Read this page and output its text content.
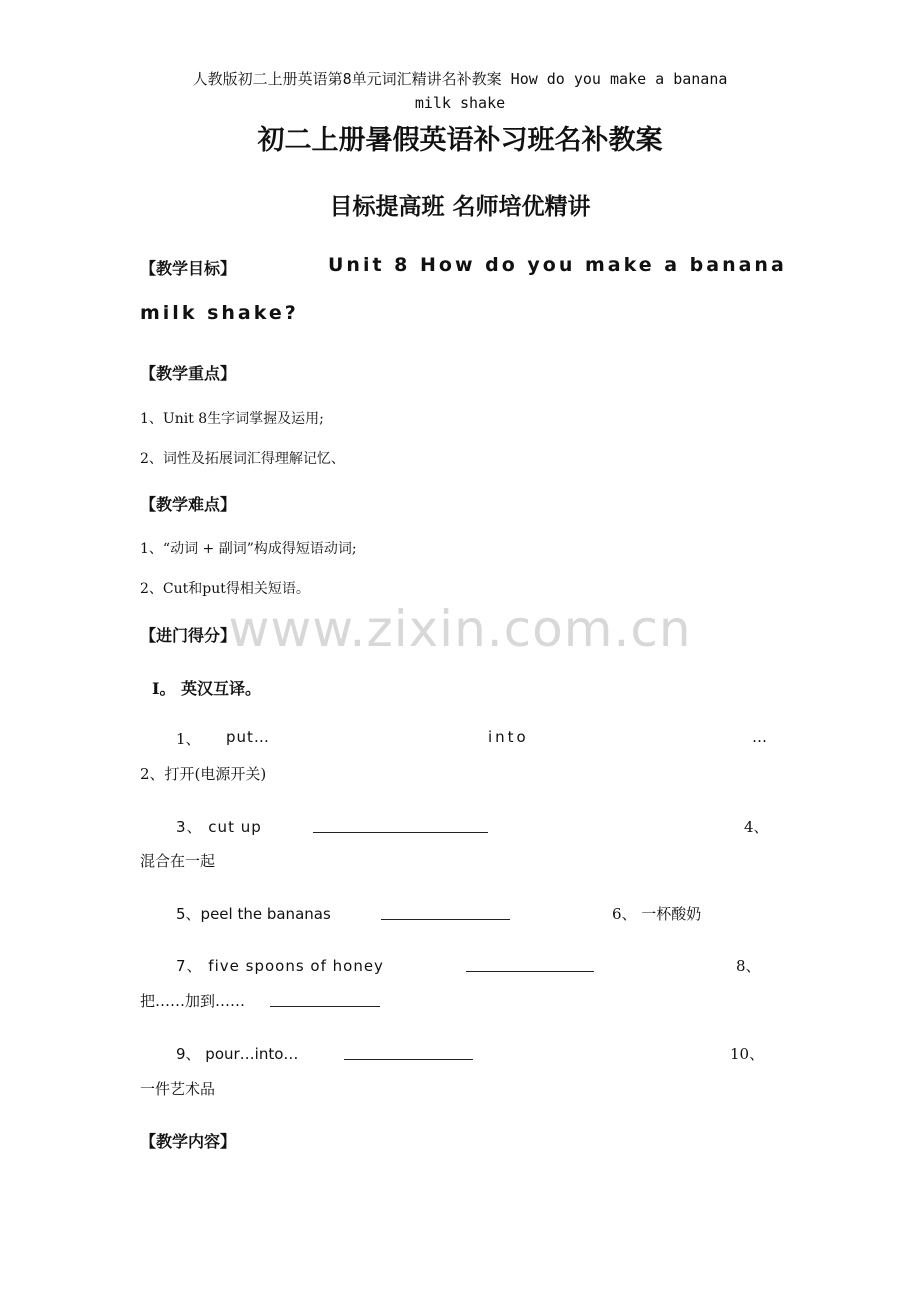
人教版初二上册英语第8单元词汇精讲名补教案 How do you make a banana
milk shake
初二上册暑假英语补习班名补教案
目标提高班 名师培优精讲
【教学目标】	Unit 8 How do you make a banana
milk shake?
【教学重点】
1、Unit 8生字词掌握及运用;
2、词性及拓展词汇得理解记忆、
【教学难点】
1、“动词 + 副词”构成得短语动词;
2、Cut和put得相关短语。
www.zixin.com.cn
【进门得分】
Ⅰ。 英汉互译。
1、 put…	into	…
2、打开(电源开关)
3、 cut up	4、
混合在一起
5、peel the bananas	6、 一杯酸奶
7、 five spoons of honey	8、
把……加到……
9、 pour…into…	10、
一件艺术品
【教学内容】
